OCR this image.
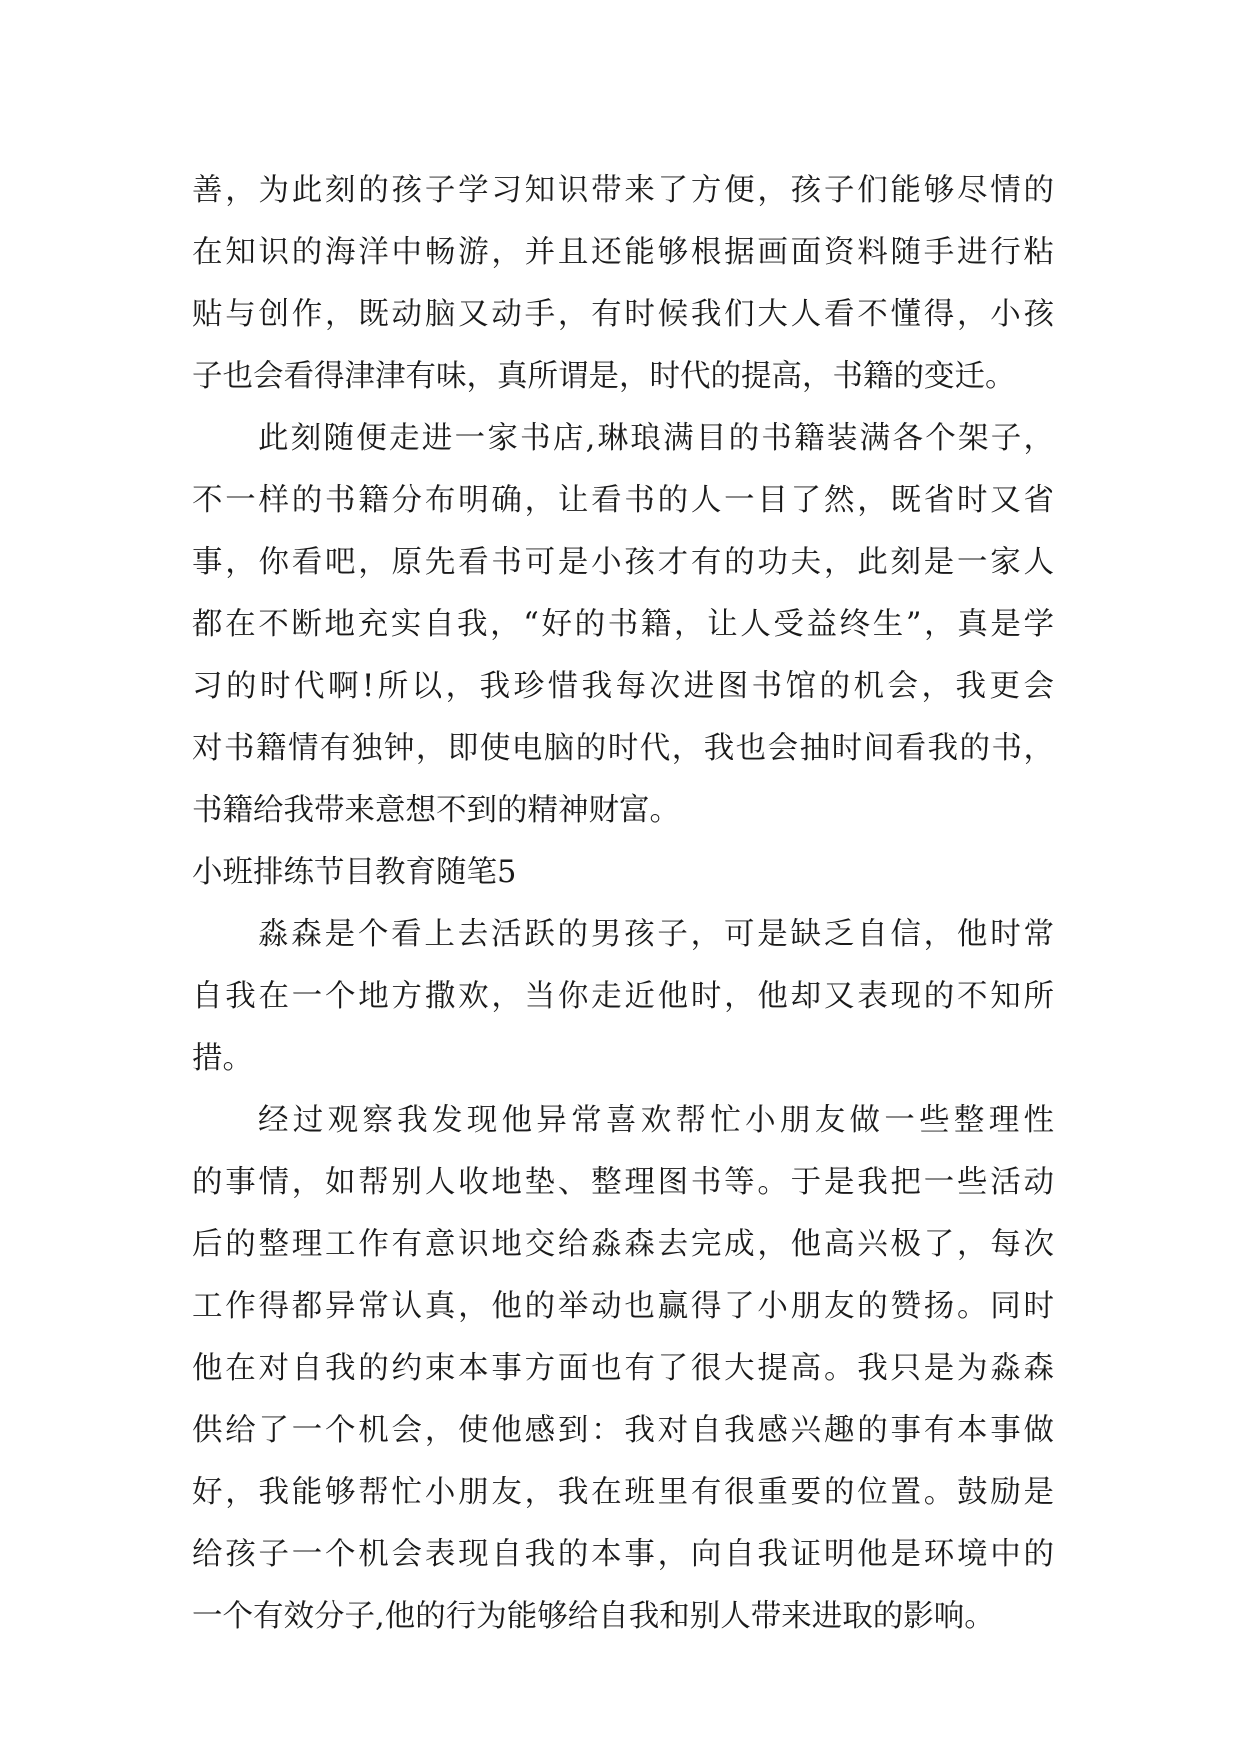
善，为此刻的孩子学习知识带来了方便，孩子们能够尽情的
在知识的海洋中畅游，并且还能够根据画面资料随手进行粘
贴与创作，既动脑又动手，有时候我们大人看不懂得，小孩
子也会看得津津有味，真所谓是，时代的提高，书籍的变迁。
此刻随便走进一家书店,琳琅满目的书籍装满各个架子，
不一样的书籍分布明确，让看书的人一目了然，既省时又省
事，你看吧，原先看书可是小孩才有的功夫，此刻是一家人
都在不断地充实自我，“好的书籍，让人受益终生”，真是学
习的时代啊!所以，我珍惜我每次进图书馆的机会，我更会
对书籍情有独钟，即使电脑的时代，我也会抽时间看我的书，
书籍给我带来意想不到的精神财富。
小班排练节目教育随笔5
淼森是个看上去活跃的男孩子，可是缺乏自信，他时常
自我在一个地方撒欢，当你走近他时，他却又表现的不知所
措。
经过观察我发现他异常喜欢帮忙小朋友做一些整理性
的事情，如帮别人收地垫、整理图书等。于是我把一些活动
后的整理工作有意识地交给淼森去完成，他高兴极了，每次
工作得都异常认真，他的举动也赢得了小朋友的赞扬。同时
他在对自我的约束本事方面也有了很大提高。我只是为淼森
供给了一个机会，使他感到：我对自我感兴趣的事有本事做
好，我能够帮忙小朋友，我在班里有很重要的位置。鼓励是
给孩子一个机会表现自我的本事，向自我证明他是环境中的
一个有效分子,他的行为能够给自我和别人带来进取的影响。
